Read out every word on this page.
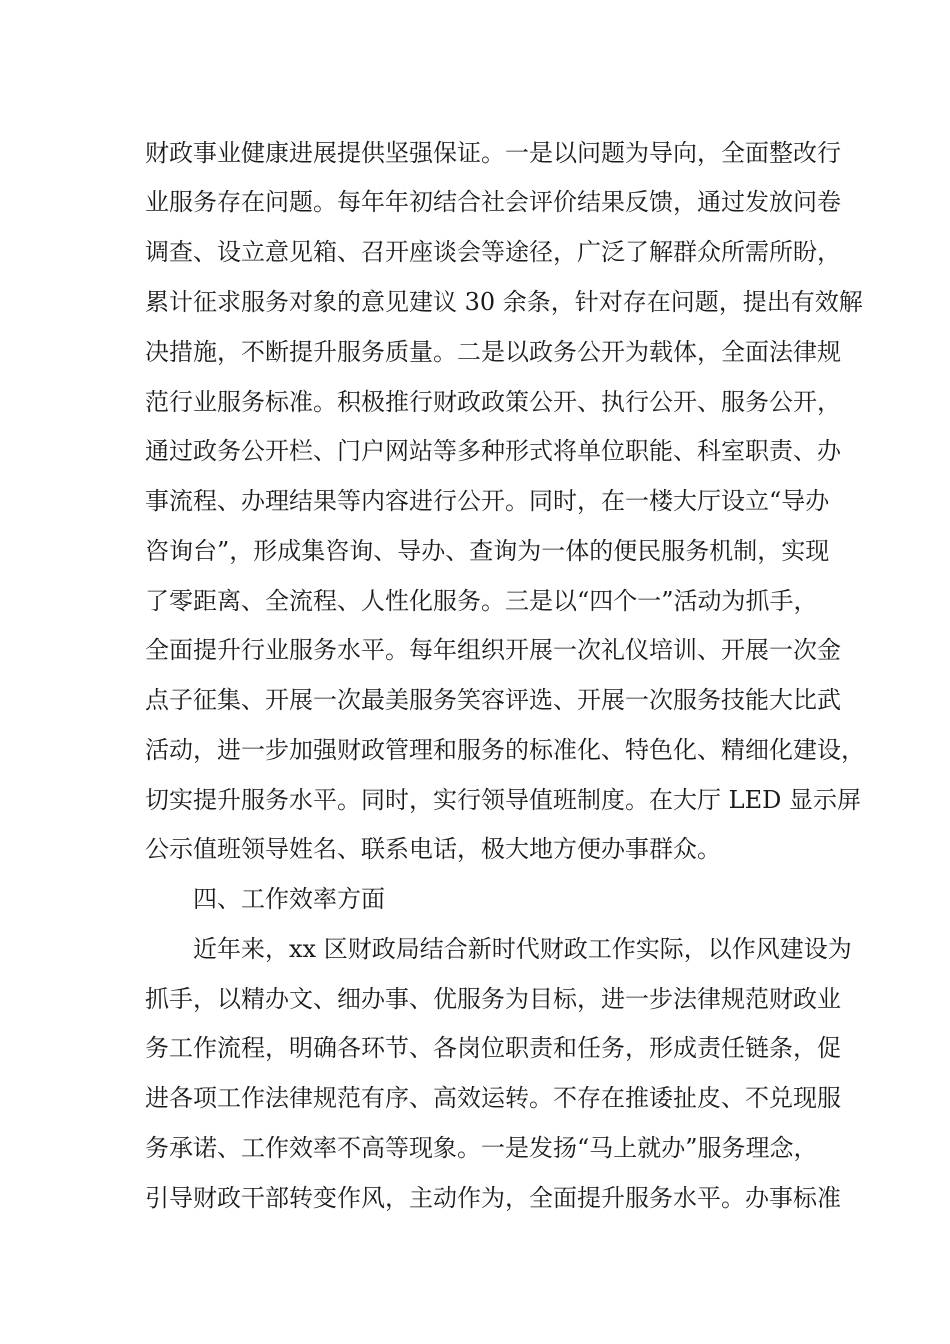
财政事业健康进展提供坚强保证。一是以问题为导向，全面整改行
业服务存在问题。每年年初结合社会评价结果反馈，通过发放问卷
调查、设立意见箱、召开座谈会等途径，广泛了解群众所需所盼，
累计征求服务对象的意见建议 30 余条，针对存在问题，提出有效解
决措施，不断提升服务质量。二是以政务公开为载体，全面法律规
范行业服务标准。积极推行财政政策公开、执行公开、服务公开，
通过政务公开栏、门户网站等多种形式将单位职能、科室职责、办
事流程、办理结果等内容进行公开。同时，在一楼大厅设立“导办
咨询台”，形成集咨询、导办、查询为一体的便民服务机制，实现
了零距离、全流程、人性化服务。三是以“四个一”活动为抓手，
全面提升行业服务水平。每年组织开展一次礼仪培训、开展一次金
点子征集、开展一次最美服务笑容评选、开展一次服务技能大比武
活动，进一步加强财政管理和服务的标准化、特色化、精细化建设，
切实提升服务水平。同时，实行领导值班制度。在大厅 LED 显示屏
公示值班领导姓名、联系电话，极大地方便办事群众。
四、工作效率方面
近年来，xx 区财政局结合新时代财政工作实际，以作风建设为
抓手，以精办文、细办事、优服务为目标，进一步法律规范财政业
务工作流程，明确各环节、各岗位职责和任务，形成责任链条，促
进各项工作法律规范有序、高效运转。不存在推诿扯皮、不兑现服
务承诺、工作效率不高等现象。一是发扬“马上就办”服务理念，
引导财政干部转变作风，主动作为，全面提升服务水平。办事标准
